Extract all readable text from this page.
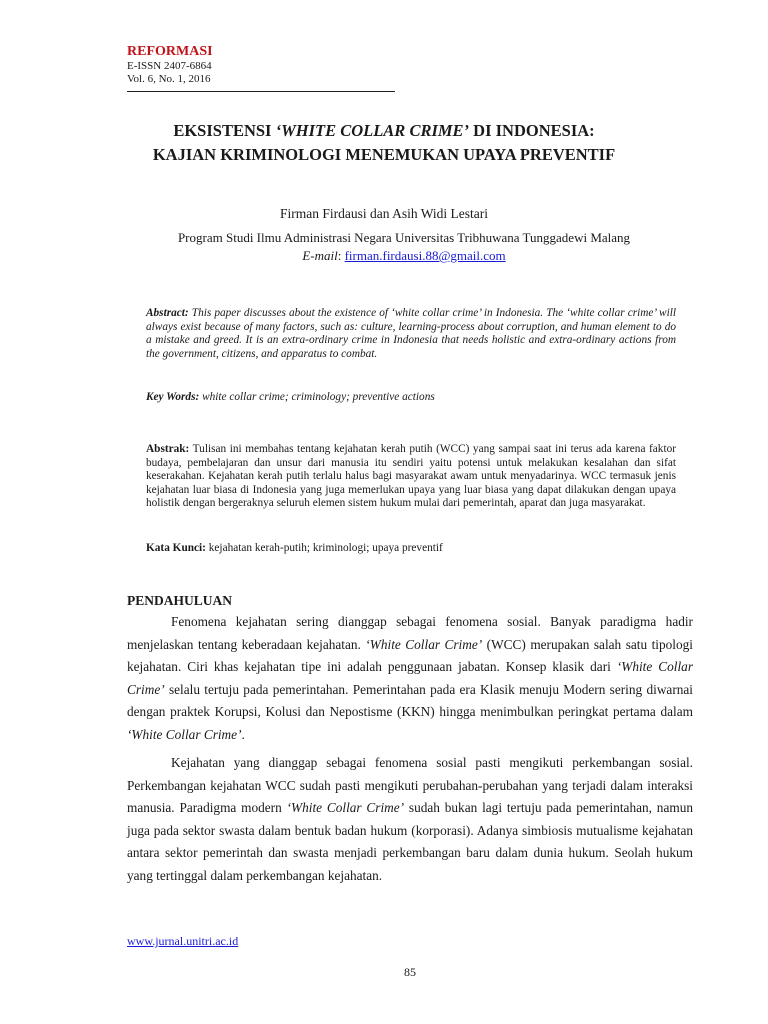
REFORMASI
E-ISSN 2407-6864
Vol. 6, No. 1, 2016
EKSISTENSI ‘WHITE COLLAR CRIME’ DI INDONESIA:
KAJIAN KRIMINOLOGI MENEMUKAN UPAYA PREVENTIF
Firman Firdausi dan Asih Widi Lestari
Program Studi Ilmu Administrasi Negara Universitas Tribhuwana Tunggadewi Malang
E-mail: firman.firdausi.88@gmail.com
Abstract: This paper discusses about the existence of ‘white collar crime’ in Indonesia. The ‘white collar crime’ will always exist because of many factors, such as: culture, learning-process about corruption, and human element to do a mistake and greed. It is an extra-ordinary crime in Indonesia that needs holistic and extra-ordinary actions from the government, citizens, and apparatus to combat.
Key Words: white collar crime; criminology; preventive actions
Abstrak: Tulisan ini membahas tentang kejahatan kerah putih (WCC) yang sampai saat ini terus ada karena faktor budaya, pembelajaran dan unsur dari manusia itu sendiri yaitu potensi untuk melakukan kesalahan dan sifat keserakahan. Kejahatan kerah putih terlalu halus bagi masyarakat awam untuk menyadarinya. WCC termasuk jenis kejahatan luar biasa di Indonesia yang juga memerlukan upaya yang luar biasa yang dapat dilakukan dengan upaya holistik dengan bergeraknya seluruh elemen sistem hukum mulai dari pemerintah, aparat dan juga masyarakat.
Kata Kunci: kejahatan kerah-putih; kriminologi; upaya preventif
PENDAHULUAN

Fenomena kejahatan sering dianggap sebagai fenomena sosial. Banyak paradigma hadir menjelaskan tentang keberadaan kejahatan. ‘White Collar Crime’ (WCC) merupakan salah satu tipologi kejahatan. Ciri khas kejahatan tipe ini adalah penggunaan jabatan. Konsep klasik dari ‘White Collar Crime’ selalu tertuju pada pemerintahan. Pemerintahan pada era Klasik menuju Modern sering diwarnai dengan praktek Korupsi, Kolusi dan Nepostisme (KKN) hingga menimbulkan peringkat pertama dalam ‘White Collar Crime’.

Kejahatan yang dianggap sebagai fenomena sosial pasti mengikuti perkembangan sosial. Perkembangan kejahatan WCC sudah pasti mengikuti perubahan-perubahan yang terjadi dalam interaksi manusia. Paradigma modern ‘White Collar Crime’ sudah bukan lagi tertuju pada pemerintahan, namun juga pada sektor swasta dalam bentuk badan hukum (korporasi). Adanya simbiosis mutualisme kejahatan antara sektor pemerintah dan swasta menjadi perkembangan baru dalam dunia hukum. Seolah hukum yang tertinggal dalam perkembangan kejahatan.

www.jurnal.unitri.ac.id
85
